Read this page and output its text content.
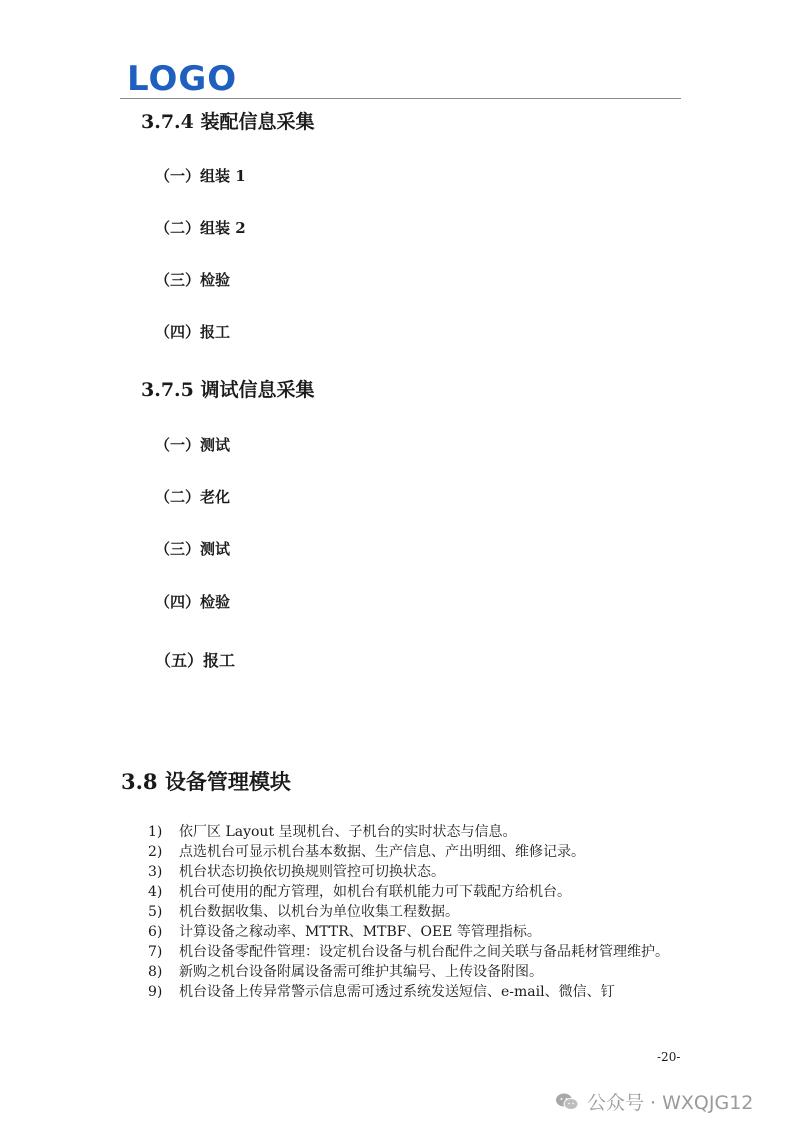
LOGO
3.7.4 装配信息采集
（一）组装 1
（二）组装 2
（三）检验
（四）报工
3.7.5 调试信息采集
（一）测试
（二）老化
（三）测试
（四）检验
（五）报工
3.8 设备管理模块
1)	依厂区 Layout 呈现机台、子机台的实时状态与信息。
2)	点选机台可显示机台基本数据、生产信息、产出明细、维修记录。
3)	机台状态切换依切换规则管控可切换状态。
4)	机台可使用的配方管理，如机台有联机能力可下载配方给机台。
5)	机台数据收集、以机台为单位收集工程数据。
6)	计算设备之稼动率、MTTR、MTBF、OEE 等管理指标。
7)	机台设备零配件管理：设定机台设备与机台配件之间关联与备品耗材管理维护。
8)	新购之机台设备附属设备需可维护其编号、上传设备附图。
9)	机台设备上传异常警示信息需可透过系统发送短信、e-mail、微信、钉
-20-
公众号 · WXQJG12
